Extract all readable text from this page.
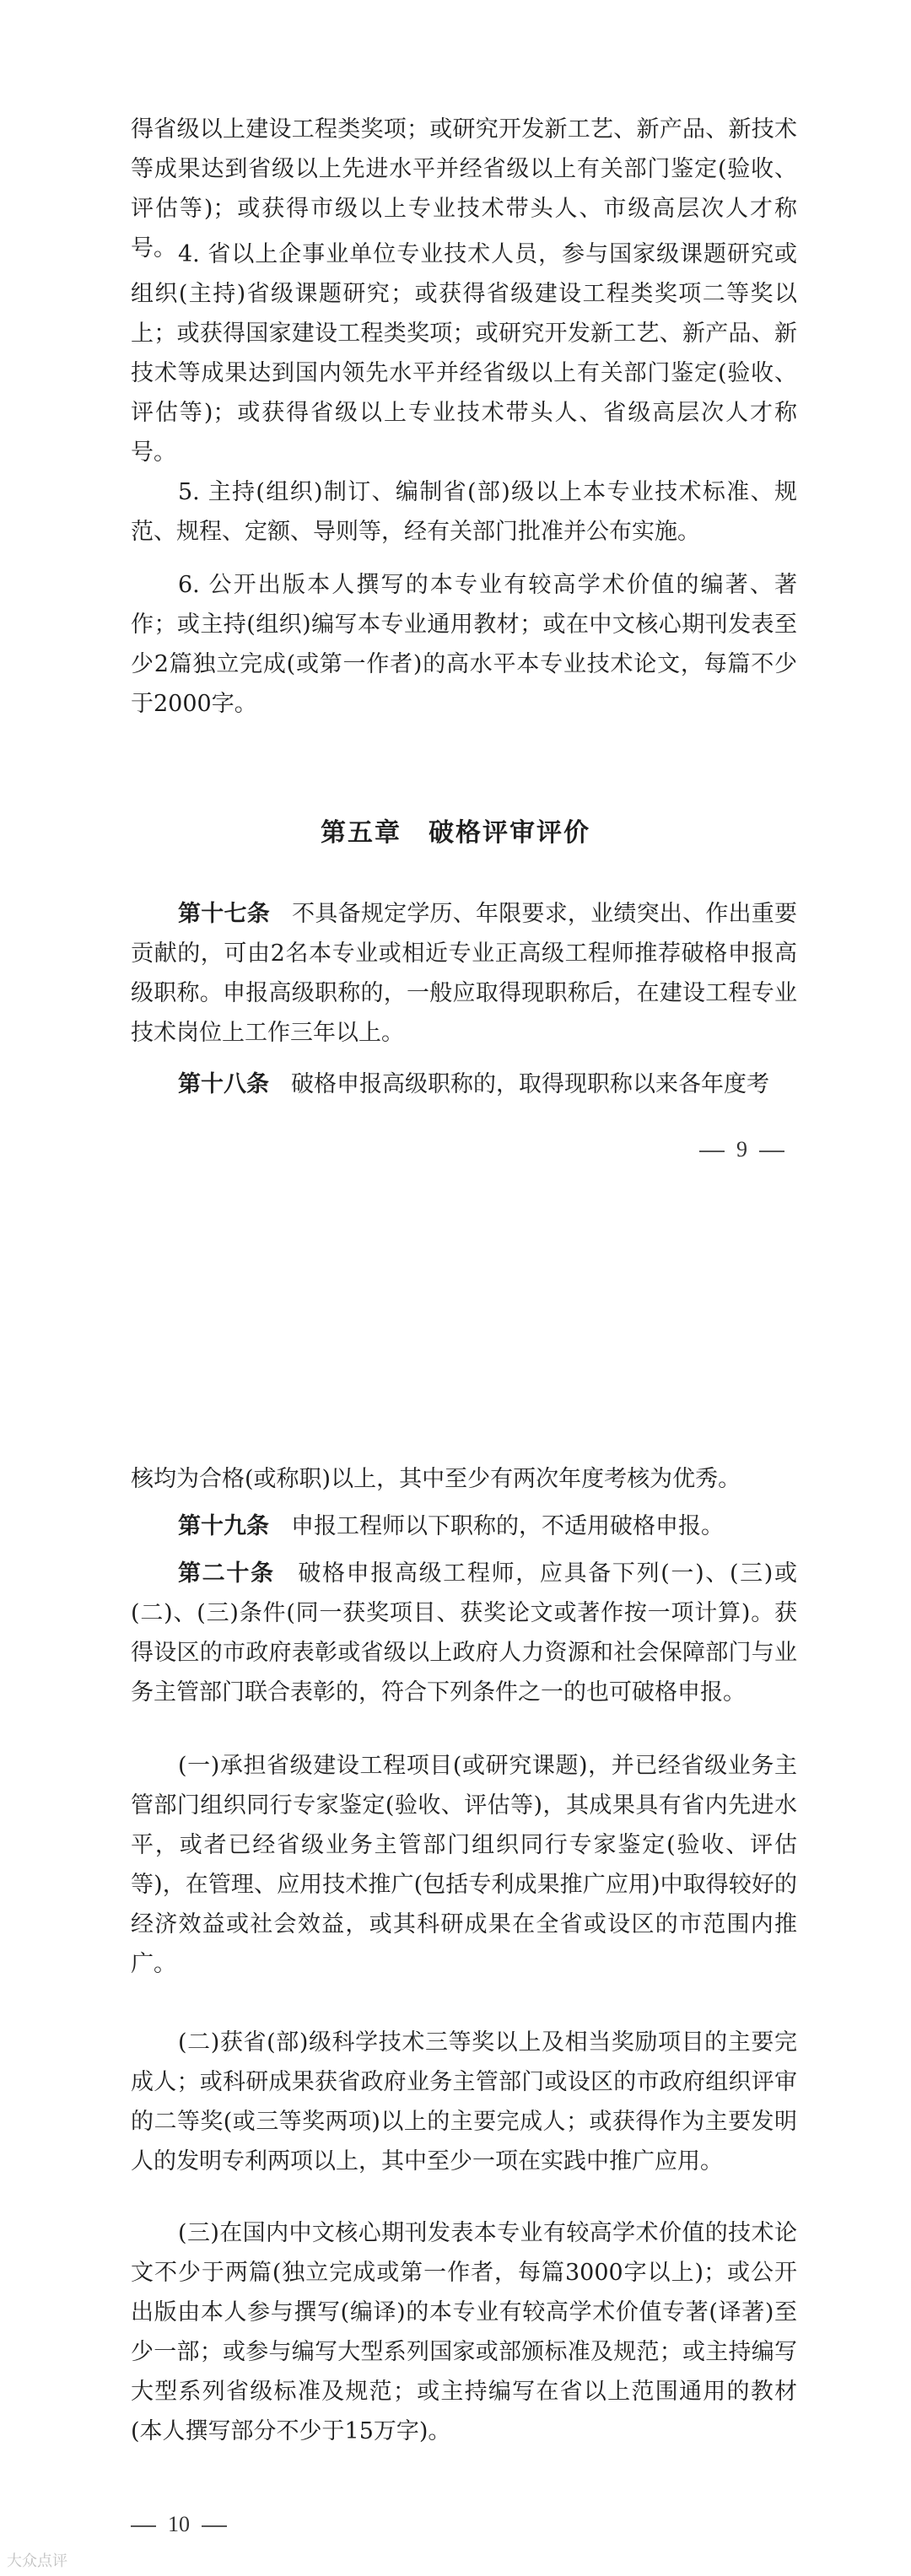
得省级以上建设工程类奖项；或研究开发新工艺、新产品、新技术等成果达到省级以上先进水平并经省级以上有关部门鉴定(验收、评估等)；或获得市级以上专业技术带头人、市级高层次人才称号。 4. 省以上企事业单位专业技术人员，参与国家级课题研究或组织(主持)省级课题研究；或获得省级建设工程类奖项二等奖以上；或获得国家建设工程类奖项；或研究开发新工艺、新产品、新技术等成果达到国内领先水平并经省级以上有关部门鉴定(验收、评估等)；或获得省级以上专业技术带头人、省级高层次人才称号。

5. 主持(组织)制订、编制省(部)级以上本专业技术标准、规范、规程、定额、导则等，经有关部门批准并公布实施。

6. 公开出版本人撰写的本专业有较高学术价值的编著、著作；或主持(组织)编写本专业通用教材；或在中文核心期刊发表至少2篇独立完成(或第一作者)的高水平本专业技术论文，每篇不少于2000字。

第五章　破格评审评价

第十七条 不具备规定学历、年限要求，业绩突出、作出重要贡献的，可由2名本专业或相近专业正高级工程师推荐破格申报高级职称。申报高级职称的，一般应取得现职称后，在建设工程专业技术岗位上工作三年以上。

第十八条 破格申报高级职称的，取得现职称以来各年度考

9

核均为合格(或称职)以上，其中至少有两次年度考核为优秀。

第十九条 申报工程师以下职称的，不适用破格申报。

第二十条 破格申报高级工程师，应具备下列(一)、(三)或(二)、(三)条件(同一获奖项目、获奖论文或著作按一项计算)。获得设区的市政府表彰或省级以上政府人力资源和社会保障部门与业务主管部门联合表彰的，符合下列条件之一的也可破格申报。

(一)承担省级建设工程项目(或研究课题)，并已经省级业务主管部门组织同行专家鉴定(验收、评估等)，其成果具有省内先进水平，或者已经省级业务主管部门组织同行专家鉴定(验收、评估等)，在管理、应用技术推广(包括专利成果推广应用)中取得较好的经济效益或社会效益，或其科研成果在全省或设区的市范围内推广。

(二)获省(部)级科学技术三等奖以上及相当奖励项目的主要完成人；或科研成果获省政府业务主管部门或设区的市政府组织评审的二等奖(或三等奖两项)以上的主要完成人；或获得作为主要发明人的发明专利两项以上，其中至少一项在实践中推广应用。

(三)在国内中文核心期刊发表本专业有较高学术价值的技术论文不少于两篇(独立完成或第一作者，每篇3000字以上)；或公开出版由本人参与撰写(编译)的本专业有较高学术价值专著(译著)至少一部；或参与编写大型系列国家或部颁标准及规范；或主持编写大型系列省级标准及规范；或主持编写在省以上范围通用的教材(本人撰写部分不少于15万字)。

10
大众点评
